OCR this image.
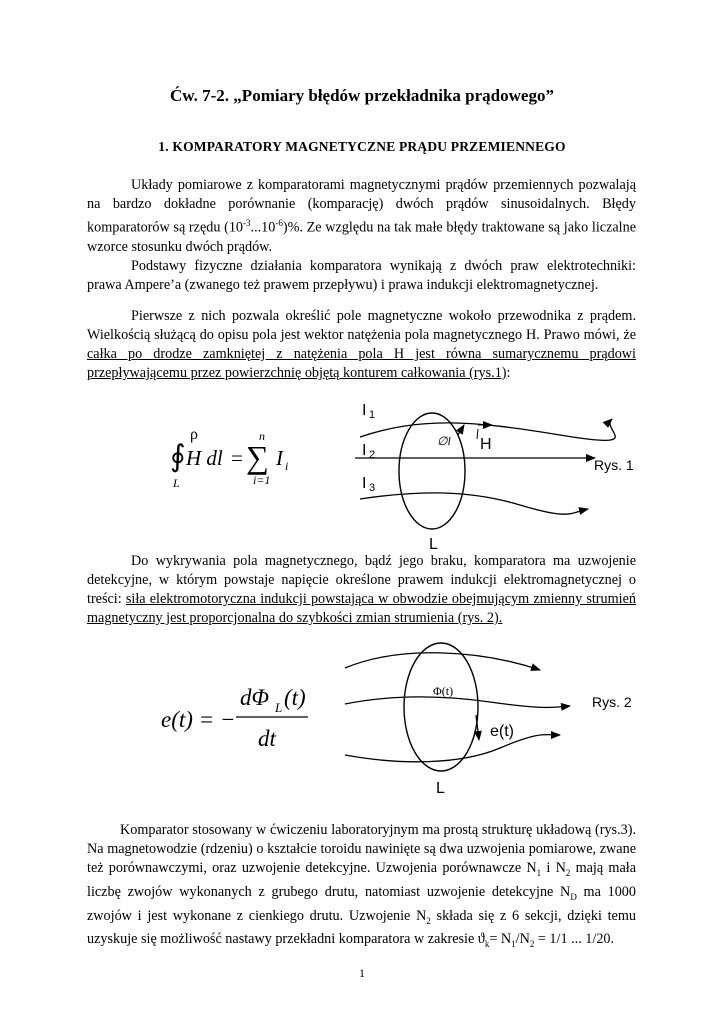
Ćw. 7-2. „Pomiary błędów przekładnika prądowego”
1. KOMPARATORY MAGNETYCZNE PRĄDU PRZEMIENNEGO
Układy pomiarowe z komparatorami magnetycznymi prądów przemiennych pozwalają na bardzo dokładne porównanie (komparację) dwóch prądów sinusoidalnych. Błędy komparatorów są rzędu $(10^{-3}...10^{-6})\%$. Ze względu na tak małe błędy traktowane są jako liczalne wzorce stosunku dwóch prądów.
Podstawy fizyczne działania komparatora wynikają z dwóch praw elektrotechniki: prawa Ampere’a (zwanego też prawem przepływu) i prawa indukcji elektromagnetycznej.
Pierwsze z nich pozwala określić pole magnetyczne wokoło przewodnika z prądem. Wielkością służącą do opisu pola jest wektor natężenia pola magnetycznego H. Prawo mówi, że całka po drodze zamkniętej z natężenia pola H jest równa sumarycznemu prądowi przepływającemu przez powierzchnię objętą konturem całkowania (rys.1):
∮
ρ
H dl =
n
∑
i=1
I i
L
I 1
I 2
I 3
∅l H
L
Rys. 1
Do wykrywania pola magnetycznego, bądź jego braku, komparatora ma uzwojenie detekcyjne, w którym powstaje napięcie określone prawem indukcji elektromagnetycznej o treści: siła elektromotoryczna indukcji powstająca w obwodzie obejmującym zmienny strumień magnetyczny jest proporcjonalna do szybkości zmian strumienia (rys. 2).
e(t) = −
dΦ L (t)
dt
Φ(t)
e(t)
L
Rys. 2
Komparator stosowany w ćwiczeniu laboratoryjnym ma prostą strukturę układową (rys.3). Na magnetowodzie (rdzeniu) o kształcie toroidu nawinięte są dwa uzwojenia pomiarowe, zwane też porównawczymi, oraz uzwojenie detekcyjne. Uzwojenia porównawcze $N_1$ i $N_2$ mają mała liczbę zwojów wykonanych z grubego drutu, natomiast uzwojenie detekcyjne $N_D$ ma 1000 zwojów i jest wykonane z cienkiego drutu. Uzwojenie $N_2$ składa się z 6 sekcji, dzięki temu uzyskuje się możliwość nastawy przekładni komparatora w zakresie $ϑ_k= N_1/N_2 = 1/1$ ... 1/20.
1
